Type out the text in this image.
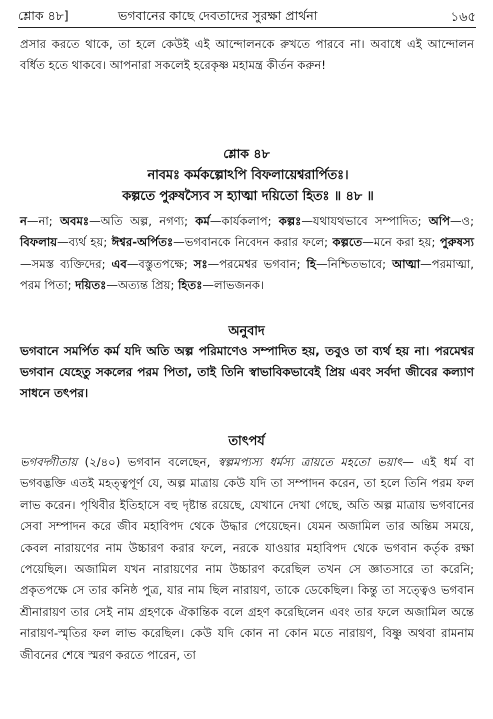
শ্লোক ৪৮]	ভগবানের কাছে দেবতাদের সুরক্ষা প্রার্থনা	১৬৫

প্রসার করতে থাকে, তা হলে কেউই এই আন্দোলনকে রুখতে পারবে না। অবাধে এই আন্দোলন বর্ধিত হতে থাকবে। আপনারা সকলেই হরেকৃষ্ণ মহামন্ত্র কীর্তন করুন!

শ্লোক ৪৮
নাবমঃ কর্মকল্পোঽপি বিফলায়েশ্বরার্পিতঃ।
কল্পতে পুরুষস্যৈব স হ্যাত্মা দয়িতো হিতঃ ॥ ৪৮ ॥

ন—না; অবমঃ—অতি অল্প, নগণ্য; কর্ম—কার্যকলাপ; কল্পঃ—যথাযথভাবে সম্পাদিত; অপি—ও; বিফলায়—ব্যর্থ হয়; ঈশ্বর-অর্পিতঃ—ভগবানকে নিবেদন করার ফলে; কল্পতে—মনে করা হয়; পুরুষস্য—সমস্ত ব্যক্তিদের; এব—বস্তুতপক্ষে; সঃ—পরমেশ্বর ভগবান; হি—নিশ্চিতভাবে; আত্মা—পরমাত্মা, পরম পিতা; দয়িতঃ—অত্যন্ত প্রিয়; হিতঃ—লাভজনক।

অনুবাদ

ভগবানে সমর্পিত কর্ম যদি অতি অল্প পরিমাণেও সম্পাদিত হয়, তবুও তা ব্যর্থ হয় না। পরমেশ্বর ভগবান যেহেতু সকলের পরম পিতা, তাই তিনি স্বাভাবিকভাবেই প্রিয় এবং সর্বদা জীবের কল্যাণ সাধনে তৎপর।

তাৎপর্য

ভগবদ্গীতায় (২/৪০) ভগবান বলেছেন, স্বল্পমপ্যস্য ধর্মস্য ত্রায়তে মহতো ভয়াৎ— এই ধর্ম বা ভগবদ্ভক্তি এতই মহত্ত্বপূর্ণ যে, অল্প মাত্রায় কেউ যদি তা সম্পাদন করেন, তা হলে তিনি পরম ফল লাভ করেন। পৃথিবীর ইতিহাসে বহু দৃষ্টান্ত রয়েছে, যেখানে দেখা গেছে, অতি অল্প মাত্রায় ভগবানের সেবা সম্পাদন করে জীব মহাবিপদ থেকে উদ্ধার পেয়েছেন। যেমন অজামিল তার অন্তিম সময়ে, কেবল নারায়ণের নাম উচ্চারণ করার ফলে, নরকে যাওয়ার মহাবিপদ থেকে ভগবান কর্তৃক রক্ষা পেয়েছিল। অজামিল যখন নারায়ণের নাম উচ্চারণ করেছিল তখন সে জ্ঞাতসারে তা করেনি; প্রকৃতপক্ষে সে তার কনিষ্ঠ পুত্র, যার নাম ছিল নারায়ণ, তাকে ডেকেছিল। কিন্তু তা সত্ত্বেও ভগবান শ্রীনারায়ণ তার সেই নাম গ্রহণকে ঐকান্তিক বলে গ্রহণ করেছিলেন এবং তার ফলে অজামিল অন্তে নারায়ণ-স্মৃতির ফল লাভ করেছিল। কেউ যদি কোন না কোন মতে নারায়ণ, বিষ্ণু অথবা রামনাম জীবনের শেষে স্মরণ করতে পারেন, তা
